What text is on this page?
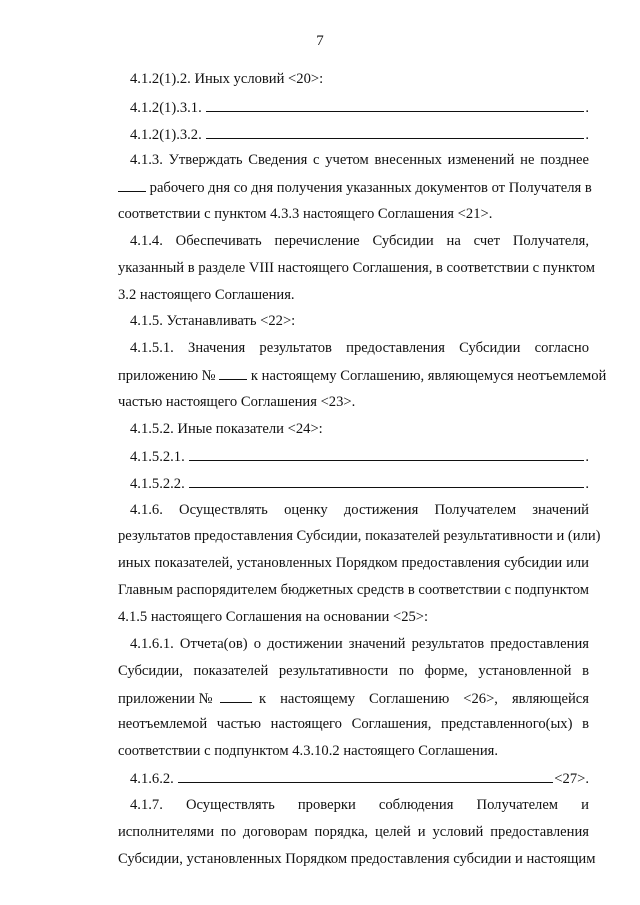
7
4.1.2(1).2. Иных условий <20>:
4.1.2(1).3.1.	.
4.1.2(1).3.2.	.
4.1.3. Утверждать Сведения с учетом внесенных изменений не позднее
рабочего дня со дня получения указанных документов от Получателя в
соответствии с пунктом 4.3.3 настоящего Соглашения <21>.
4.1.4. Обеспечивать перечисление Субсидии на счет Получателя,
указанный в разделе VIII настоящего Соглашения, в соответствии с пунктом
3.2 настоящего Соглашения.
4.1.5. Устанавливать <22>:
4.1.5.1. Значения результатов предоставления Субсидии согласно
приложению № к настоящему Соглашению, являющемуся неотъемлемой
частью настоящего Соглашения <23>.
4.1.5.2. Иные показатели <24>:
4.1.5.2.1.	.
4.1.5.2.2.	.
4.1.6. Осуществлять оценку достижения Получателем значений
результатов предоставления Субсидии, показателей результативности и (или)
иных показателей, установленных Порядком предоставления субсидии или
Главным распорядителем бюджетных средств в соответствии с подпунктом
4.1.5 настоящего Соглашения на основании <25>:
4.1.6.1. Отчета(ов) о достижении значений результатов предоставления
Субсидии, показателей результативности по форме, установленной в
приложении №	к настоящему Соглашению <26>, являющейся
неотъемлемой частью настоящего Соглашения, представленного(ых) в
соответствии с подпунктом 4.3.10.2 настоящего Соглашения.
4.1.6.2.	<27>.
4.1.7. Осуществлять проверки соблюдения Получателем и
исполнителями по договорам порядка, целей и условий предоставления
Субсидии, установленных Порядком предоставления субсидии и настоящим
